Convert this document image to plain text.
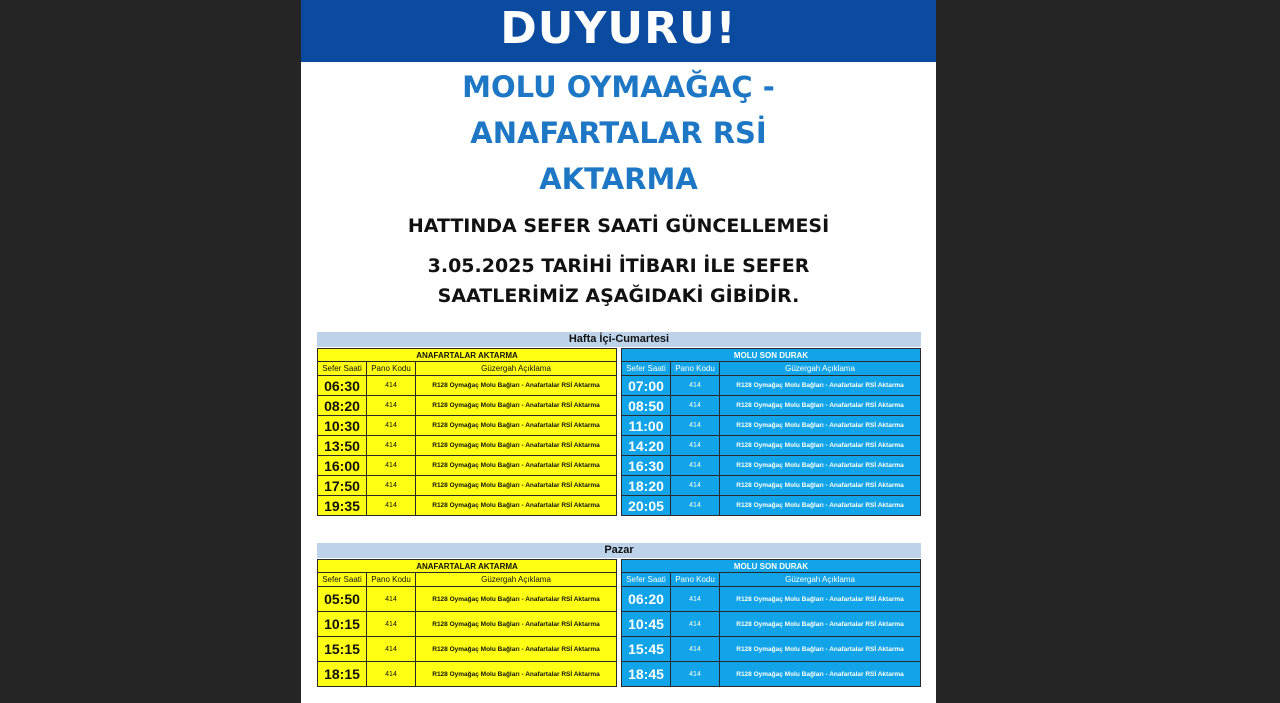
DUYURU!
MOLU OYMAAĞAÇ -
ANAFARTALAR RSİ
AKTARMA
HATTINDA SEFER SAATİ GÜNCELLEMESİ
3.05.2025 TARİHİ İTİBARI İLE SEFER
SAATLERİMİZ AŞAĞIDAKİ GİBİDİR.
Hafta İçi-Cumartesi
ANAFARTALAR AKTARMA		
Sefer Saati	Pano Kodu	Güzergah Açıklama
06:30	414	R128 Oymağaç Molu Bağları - Anafartalar RSİ Aktarma
08:20	414	R128 Oymağaç Molu Bağları - Anafartalar RSİ Aktarma
10:30	414	R128 Oymağaç Molu Bağları - Anafartalar RSİ Aktarma
13:50	414	R128 Oymağaç Molu Bağları - Anafartalar RSİ Aktarma
16:00	414	R128 Oymağaç Molu Bağları - Anafartalar RSİ Aktarma
17:50	414	R128 Oymağaç Molu Bağları - Anafartalar RSİ Aktarma
19:35	414	R128 Oymağaç Molu Bağları - Anafartalar RSİ Aktarma
MOLU SON DURAK		
Sefer Saati	Pano Kodu	Güzergah Açıklama
07:00	414	R128 Oymağaç Molu Bağları - Anafartalar RSİ Aktarma
08:50	414	R128 Oymağaç Molu Bağları - Anafartalar RSİ Aktarma
11:00	414	R128 Oymağaç Molu Bağları - Anafartalar RSİ Aktarma
14:20	414	R128 Oymağaç Molu Bağları - Anafartalar RSİ Aktarma
16:30	414	R128 Oymağaç Molu Bağları - Anafartalar RSİ Aktarma
18:20	414	R128 Oymağaç Molu Bağları - Anafartalar RSİ Aktarma
20:05	414	R128 Oymağaç Molu Bağları - Anafartalar RSİ Aktarma
Pazar
ANAFARTALAR AKTARMA		
Sefer Saati	Pano Kodu	Güzergah Açıklama
05:50	414	R128 Oymağaç Molu Bağları - Anafartalar RSİ Aktarma
10:15	414	R128 Oymağaç Molu Bağları - Anafartalar RSİ Aktarma
15:15	414	R128 Oymağaç Molu Bağları - Anafartalar RSİ Aktarma
18:15	414	R128 Oymağaç Molu Bağları - Anafartalar RSİ Aktarma
MOLU SON DURAK		
Sefer Saati	Pano Kodu	Güzergah Açıklama
06:20	414	R128 Oymağaç Molu Bağları - Anafartalar RSİ Aktarma
10:45	414	R128 Oymağaç Molu Bağları - Anafartalar RSİ Aktarma
15:45	414	R128 Oymağaç Molu Bağları - Anafartalar RSİ Aktarma
18:45	414	R128 Oymağaç Molu Bağları - Anafartalar RSİ Aktarma
